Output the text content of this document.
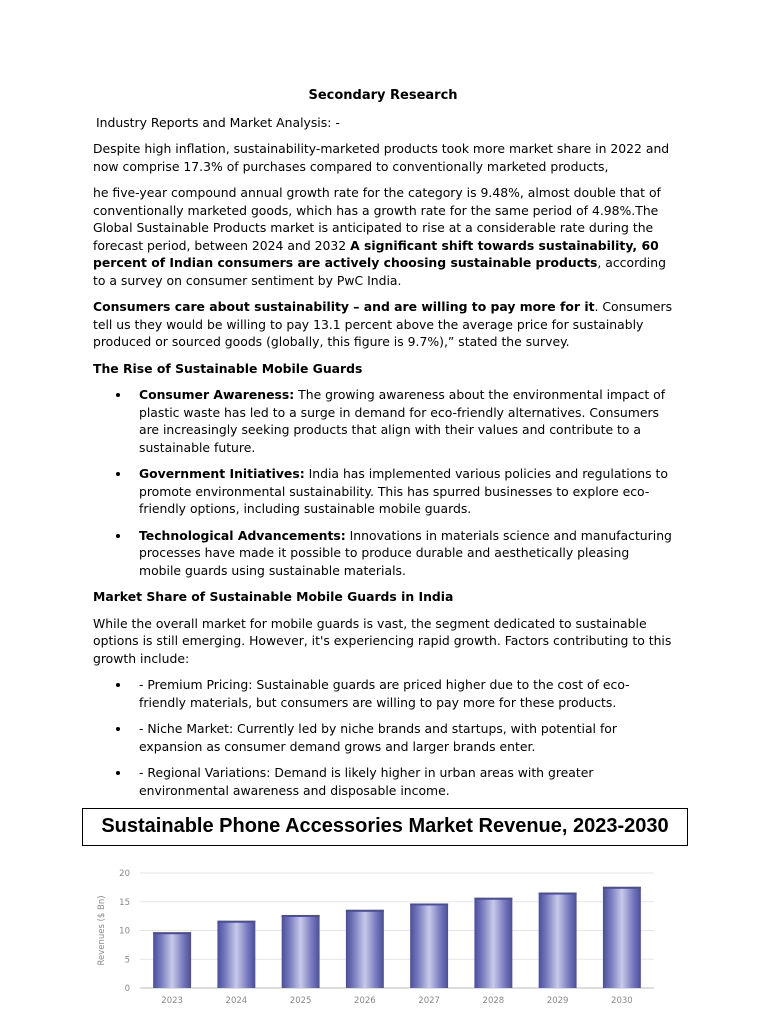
Secondary Research

Industry Reports and Market Analysis: -

Despite high inflation, sustainability-marketed products took more market share in 2022 and now comprise 17.3% of purchases compared to conventionally marketed products,

he five-year compound annual growth rate for the category is 9.48%, almost double that of conventionally marketed goods, which has a growth rate for the same period of 4.98%.The Global Sustainable Products market is anticipated to rise at a considerable rate during the forecast period, between 2024 and 2032 A significant shift towards sustainability, 60 percent of Indian consumers are actively choosing sustainable products, according to a survey on consumer sentiment by PwC India.

Consumers care about sustainability – and are willing to pay more for it. Consumers tell us they would be willing to pay 13.1 percent above the average price for sustainably produced or sourced goods (globally, this figure is 9.7%),” stated the survey.

The Rise of Sustainable Mobile Guards
Consumer Awareness: The growing awareness about the environmental impact of plastic waste has led to a surge in demand for eco-friendly alternatives. Consumers are increasingly seeking products that align with their values and contribute to a sustainable future.
Government Initiatives: India has implemented various policies and regulations to promote environmental sustainability. This has spurred businesses to explore eco-friendly options, including sustainable mobile guards.
Technological Advancements: Innovations in materials science and manufacturing processes have made it possible to produce durable and aesthetically pleasing mobile guards using sustainable materials.
Market Share of Sustainable Mobile Guards in India

While the overall market for mobile guards is vast, the segment dedicated to sustainable options is still emerging. However, it's experiencing rapid growth. Factors contributing to this growth include:

- Premium Pricing: Sustainable guards are priced higher due to the cost of eco-friendly materials, but consumers are willing to pay more for these products.
- Niche Market: Currently led by niche brands and startups, with potential for expansion as consumer demand grows and larger brands enter.
- Regional Variations: Demand is likely higher in urban areas with greater environmental awareness and disposable income.
Sustainable Phone Accessories Market Revenue, 2023-2030
0
5
10
15
20
2023	2024	2025	2026	2027	2028	2029	2030
Revenues ($ Bn)
